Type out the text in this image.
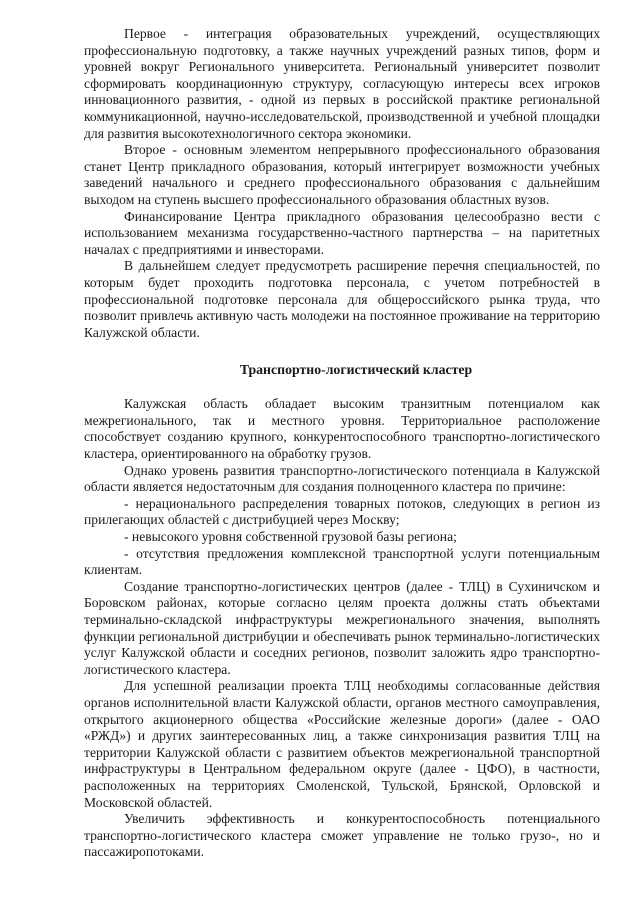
Первое - интеграция образовательных учреждений, осуществляющих профессиональную подготовку, а также научных учреждений разных типов, форм и уровней вокруг Регионального университета. Региональный университет позволит сформировать координационную структуру, согласующую интересы всех игроков инновационного развития, - одной из первых в российской практике региональной коммуникационной, научно-исследовательской, производственной и учебной площадки для развития высокотехнологичного сектора экономики.

Второе - основным элементом непрерывного профессионального образования станет Центр прикладного образования, который интегрирует возможности учебных заведений начального и среднего профессионального образования с дальнейшим выходом на ступень высшего профессионального образования областных вузов.

Финансирование Центра прикладного образования целесообразно вести с использованием механизма государственно-частного партнерства – на паритетных началах с предприятиями и инвесторами.

В дальнейшем следует предусмотреть расширение перечня специальностей, по которым будет проходить подготовка персонала, с учетом потребностей в профессиональной подготовке персонала для общероссийского рынка труда, что позволит привлечь активную часть молодежи на постоянное проживание на территорию Калужской области.

Транспортно-логистический кластер

Калужская область обладает высоким транзитным потенциалом как межрегионального, так и местного уровня. Территориальное расположение способствует созданию крупного, конкурентоспособного транспортно-логистического кластера, ориентированного на обработку грузов.

Однако уровень развития транспортно-логистического потенциала в Калужской области является недостаточным для создания полноценного кластера по причине:

- нерационального распределения товарных потоков, следующих в регион из прилегающих областей с дистрибуцией через Москву;

- невысокого уровня собственной грузовой базы региона;

- отсутствия предложения комплексной транспортной услуги потенциальным клиентам.

Создание транспортно-логистических центров (далее - ТЛЦ) в Сухиничском и Боровском районах, которые согласно целям проекта должны стать объектами терминально-складской инфраструктуры межрегионального значения, выполнять функции региональной дистрибуции и обеспечивать рынок терминально-логистических услуг Калужской области и соседних регионов, позволит заложить ядро транспортно-логистического кластера.

Для успешной реализации проекта ТЛЦ необходимы согласованные действия органов исполнительной власти Калужской области, органов местного самоуправления, открытого акционерного общества «Российские железные дороги» (далее - ОАО «РЖД») и других заинтересованных лиц, а также синхронизация развития ТЛЦ на территории Калужской области с развитием объектов межрегиональной транспортной инфраструктуры в Центральном федеральном округе (далее - ЦФО), в частности, расположенных на территориях Смоленской, Тульской, Брянской, Орловской и Московской областей.

Увеличить эффективность и конкурентоспособность потенциального транспортно-логистического кластера сможет управление не только грузо-, но и пассажиропотоками.
